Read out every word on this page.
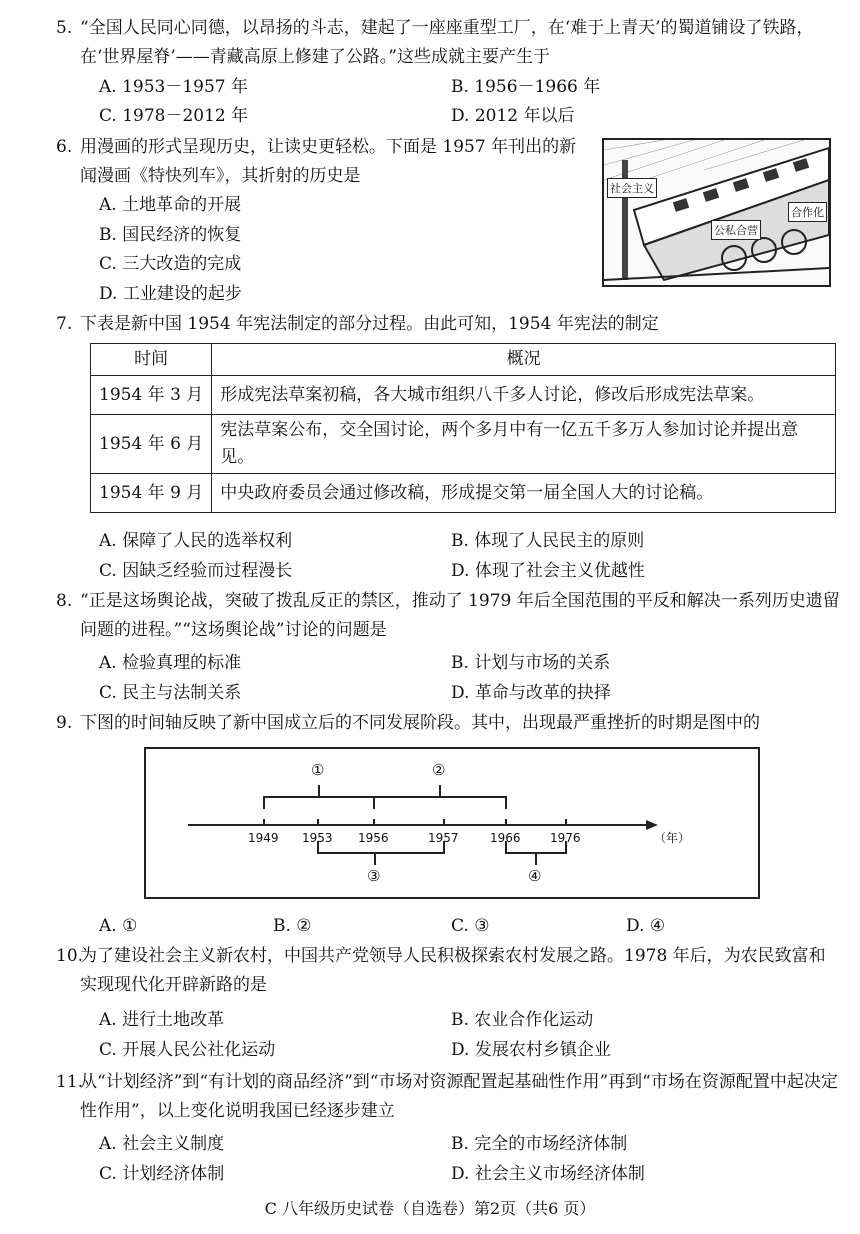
5. “全国人民同心同德，以昂扬的斗志，建起了一座座重型工厂，在‘难于上青天’的蜀道铺设了铁路，在‘世界屋脊’——青藏高原上修建了公路。”这些成就主要产生于
A. 1953－1957 年	B. 1956－1966 年
C. 1978－2012 年	D. 2012 年以后
6. 用漫画的形式呈现历史，让读史更轻松。下面是 1957 年刊出的新闻漫画《特快列车》，其折射的历史是
A. 土地革命的开展
B. 国民经济的恢复
C. 三大改造的完成
D. 工业建设的起步
社会主义
合作化
公私合营
7. 下表是新中国 1954 年宪法制定的部分过程。由此可知，1954 年宪法的制定
时间	概况
1954 年 3 月	形成宪法草案初稿，各大城市组织八千多人讨论，修改后形成宪法草案。
1954 年 6 月	宪法草案公布，交全国讨论，两个多月中有一亿五千多万人参加讨论并提出意见。
1954 年 9 月	中央政府委员会通过修改稿，形成提交第一届全国人大的讨论稿。
A. 保障了人民的选举权利	B. 体现了人民民主的原则
C. 因缺乏经验而过程漫长	D. 体现了社会主义优越性
8. “正是这场舆论战，突破了拨乱反正的禁区，推动了 1979 年后全国范围的平反和解决一系列历史遗留问题的进程。”“这场舆论战”讨论的问题是
A. 检验真理的标准	B. 计划与市场的关系
C. 民主与法制关系	D. 革命与改革的抉择
9. 下图的时间轴反映了新中国成立后的不同发展阶段。其中，出现最严重挫折的时期是图中的
1949 1953 1956	1957	1966 1976	（年）
①	②
③	④
A. ①	B. ②	C. ③	D. ④
10.
为了建设社会主义新农村，中国共产党领导人民积极探索农村发展之路。1978 年后，为农民致富和实现现代化开辟新路的是
A. 进行土地改革	B. 农业合作化运动
C. 开展人民公社化运动	D. 发展农村乡镇企业
11.
从“计划经济”到“有计划的商品经济”到“市场对资源配置起基础性作用”再到“市场在资源配置中起决定性作用”，以上变化说明我国已经逐步建立
A. 社会主义制度	B. 完全的市场经济体制
C. 计划经济体制	D. 社会主义市场经济体制
C 八年级历史试卷（自选卷）第2页（共6 页）
